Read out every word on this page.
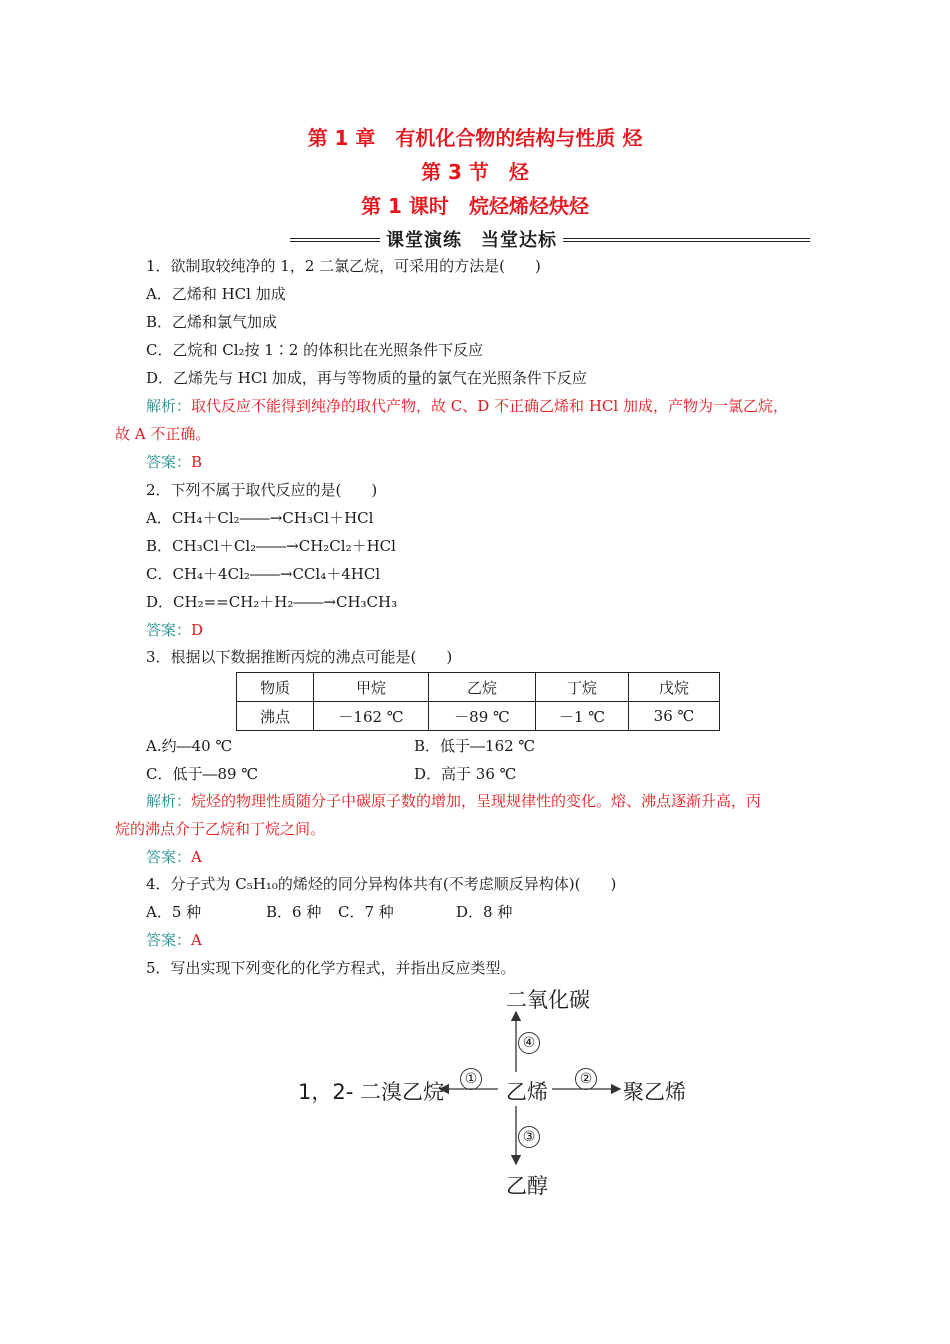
第 1 章　有机化合物的结构与性质 烃
第 3 节　烃
第 1 课时　烷烃烯烃炔烃
课堂演练　当堂达标
1．欲制取较纯净的 1，2 二氯乙烷，可采用的方法是(　　)
A．乙烯和 HCl 加成
B．乙烯和氯气加成
C．乙烷和 Cl₂按 1∶2 的体积比在光照条件下反应
D．乙烯先与 HCl 加成，再与等物质的量的氯气在光照条件下反应
解析：取代反应不能得到纯净的取代产物，故 C、D 不正确乙烯和 HCl 加成，产物为一氯乙烷，
故 A 不正确。
答案：B
2．下列不属于取代反应的是(　　)
A．CH₄＋Cl₂――→CH₃Cl＋HCl
B．CH₃Cl＋Cl₂――→CH₂Cl₂＋HCl
C．CH₄＋4Cl₂――→CCl₄＋4HCl
D．CH₂==CH₂＋H₂――→CH₃CH₃
答案：D
3．根据以下数据推断丙烷的沸点可能是(　　)
物质	甲烷	乙烷	丁烷	戊烷
沸点	－162 ℃	－89 ℃	－1 ℃	36 ℃
A.约―40 ℃	B．低于―162 ℃
C．低于―89 ℃	D．高于 36 ℃
解析：烷烃的物理性质随分子中碳原子数的增加，呈现规律性的变化。熔、沸点逐渐升高，丙
烷的沸点介于乙烷和丁烷之间。
答案：A
4．分子式为 C₅H₁₀的烯烃的同分异构体共有(不考虑顺反异构体)(　　)
A．5 种	B．6 种 C．7 种	D．8 种
答案：A
5．写出实现下列变化的化学方程式，并指出反应类型。
二氧化碳
1，2- 二溴乙烷	乙烯	聚乙烯
乙醇
①	②
③
④
